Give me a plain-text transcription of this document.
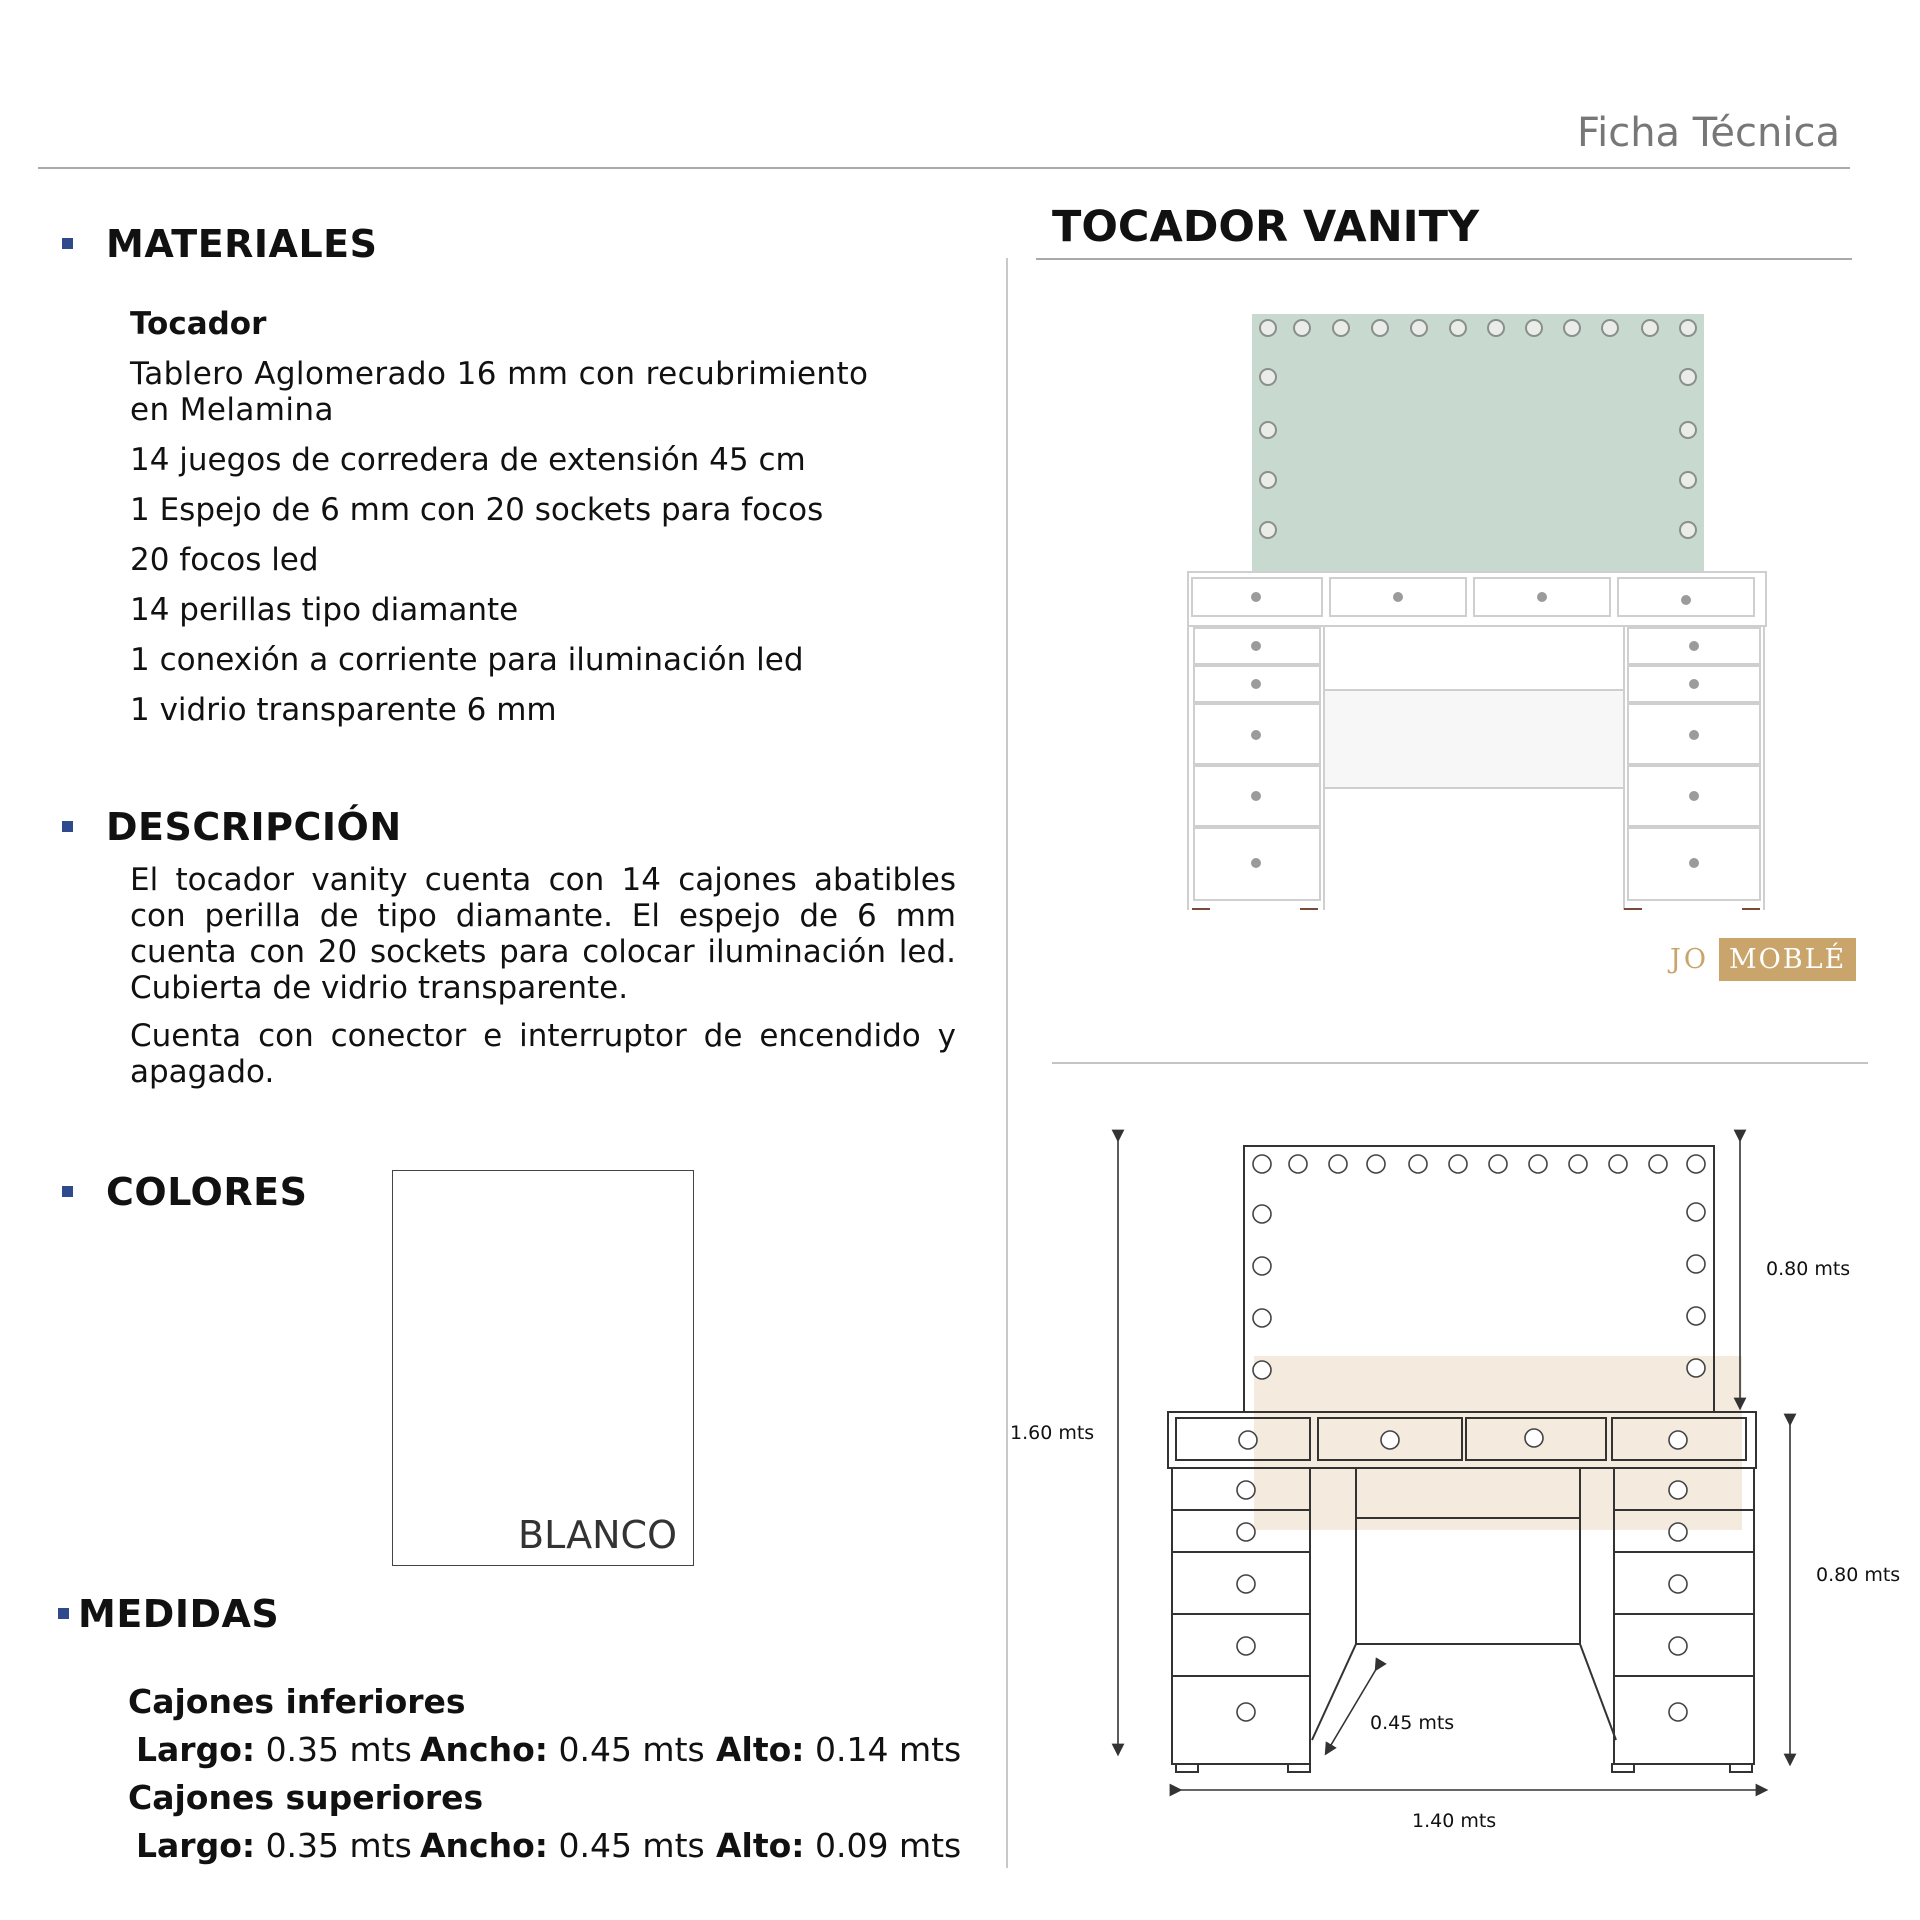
Ficha Técnica
MATERIALES
Tocador
Tablero Aglomerado 16 mm con recubrimiento en Melamina
14 juegos de corredera de extensión 45 cm
1 Espejo de 6 mm con 20 sockets para focos
20 focos led
14 perillas tipo diamante
1 conexión a corriente para iluminación led
1 vidrio transparente 6 mm
DESCRIPCIÓN

El tocador vanity cuenta con 14 cajones abatibles con perilla de tipo diamante. El espejo de 6 mm cuenta con 20 sockets para colocar iluminación led. Cubierta de vidrio transparente.

Cuenta con conector e interruptor de encendido y apagado.

COLORES
BLANCO
MEDIDAS
Cajones inferiores
Largo: 0.35 mts Ancho: 0.45 mts Alto: 0.14 mts
Cajones superiores
Largo: 0.35 mts Ancho: 0.45 mts Alto: 0.09 mts
TOCADOR VANITY
JO MOBLÉ
1.60 mts
0.80 mts
0.80 mts
0.45 mts
1.40 mts
